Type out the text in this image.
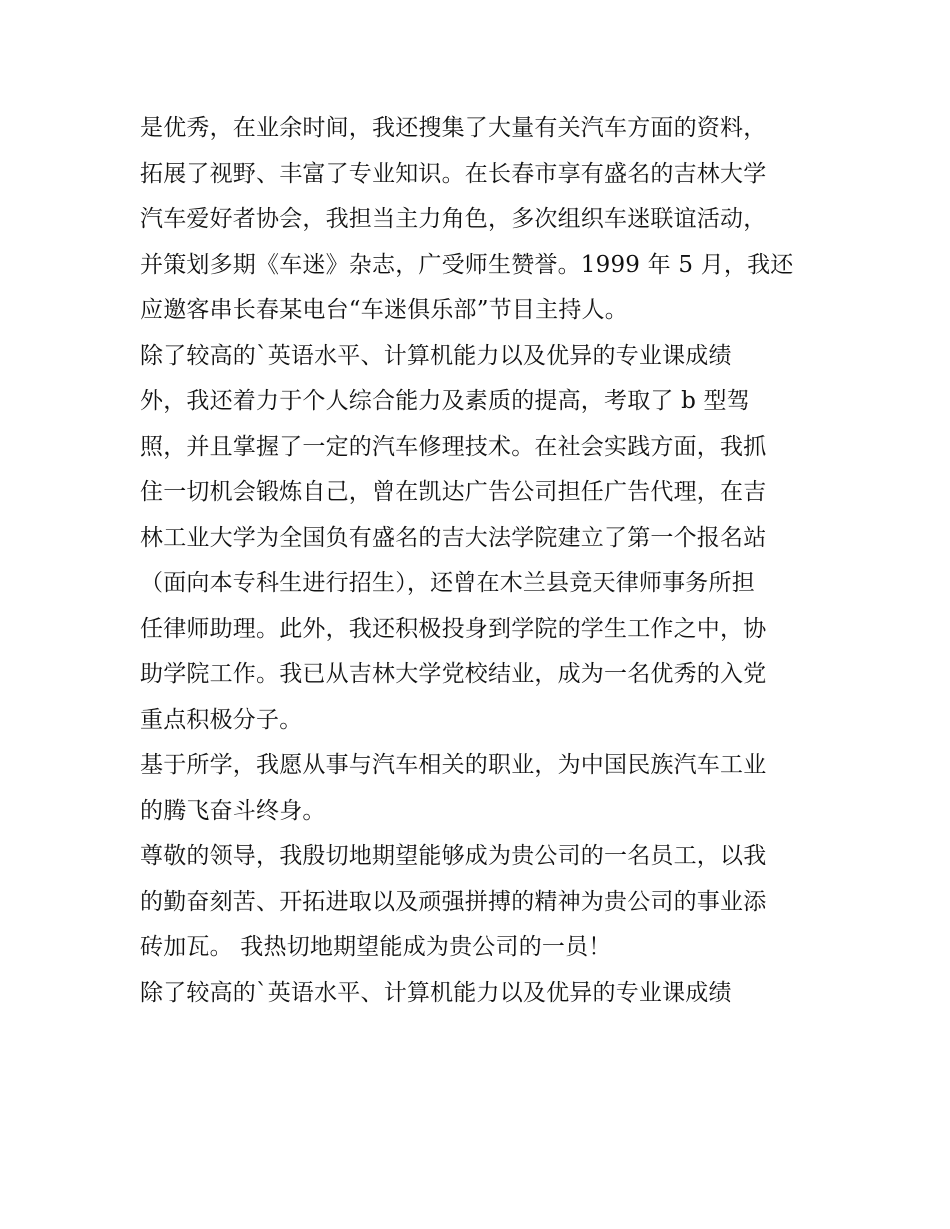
是优秀，在业余时间，我还搜集了大量有关汽车方面的资料，
拓展了视野、丰富了专业知识。在长春市享有盛名的吉林大学
汽车爱好者协会，我担当主力角色，多次组织车迷联谊活动，
并策划多期《车迷》杂志，广受师生赞誉。1999 年 5 月，我还
应邀客串长春某电台“车迷俱乐部”节目主持人。
除了较高的`英语水平、计算机能力以及优异的专业课成绩
外，我还着力于个人综合能力及素质的提高，考取了 b 型驾
照，并且掌握了一定的汽车修理技术。在社会实践方面，我抓
住一切机会锻炼自己，曾在凯达广告公司担任广告代理，在吉
林工业大学为全国负有盛名的吉大法学院建立了第一个报名站
（面向本专科生进行招生），还曾在木兰县竞天律师事务所担
任律师助理。此外，我还积极投身到学院的学生工作之中，协
助学院工作。我已从吉林大学党校结业，成为一名优秀的入党
重点积极分子。
基于所学，我愿从事与汽车相关的职业，为中国民族汽车工业
的腾飞奋斗终身。
尊敬的领导，我殷切地期望能够成为贵公司的一名员工，以我
的勤奋刻苦、开拓进取以及顽强拼搏的精神为贵公司的事业添
砖加瓦。 我热切地期望能成为贵公司的一员！
除了较高的`英语水平、计算机能力以及优异的专业课成绩
